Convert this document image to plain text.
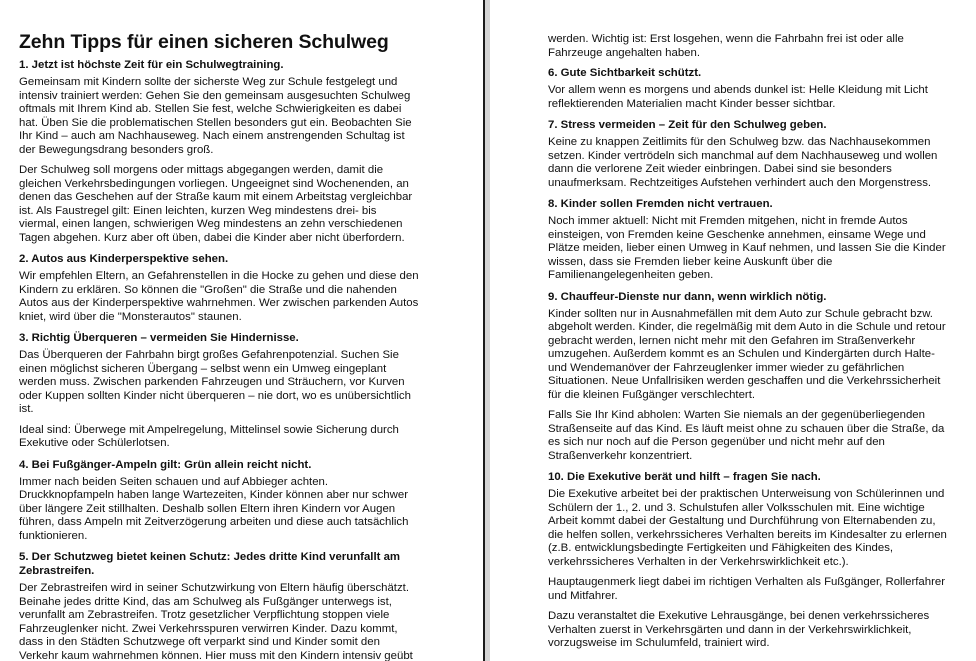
Zehn Tipps für einen sicheren Schulweg
1. Jetzt ist höchste Zeit für ein Schulwegtraining.

Gemeinsam mit Kindern sollte der sicherste Weg zur Schule festgelegt und intensiv trainiert werden: Gehen Sie den gemeinsam ausgesuchten Schulweg oftmals mit Ihrem Kind ab. Stellen Sie fest, welche Schwierigkeiten es dabei hat. Üben Sie die problematischen Stellen besonders gut ein. Beobachten Sie Ihr Kind – auch am Nachhauseweg. Nach einem anstrengenden Schultag ist der Bewegungsdrang besonders groß.

Der Schulweg soll morgens oder mittags abgegangen werden, damit die gleichen Verkehrsbedingungen vorliegen. Ungeeignet sind Wochenenden, an denen das Geschehen auf der Straße kaum mit einem Arbeitstag vergleichbar ist. Als Faustregel gilt: Einen leichten, kurzen Weg mindestens drei- bis viermal, einen langen, schwierigen Weg mindestens an zehn verschiedenen Tagen abgehen. Kurz aber oft üben, dabei die Kinder aber nicht überfordern.

2. Autos aus Kinderperspektive sehen.

Wir empfehlen Eltern, an Gefahrenstellen in die Hocke zu gehen und diese den Kindern zu erklären. So können die "Großen" die Straße und die nahenden Autos aus der Kinderperspektive wahrnehmen. Wer zwischen parkenden Autos kniet, wird über die "Monsterautos" staunen.

3. Richtig Überqueren – vermeiden Sie Hindernisse.

Das Überqueren der Fahrbahn birgt großes Gefahrenpotenzial. Suchen Sie einen möglichst sicheren Übergang – selbst wenn ein Umweg eingeplant werden muss. Zwischen parkenden Fahrzeugen und Sträuchern, vor Kurven oder Kuppen sollten Kinder nicht überqueren – nie dort, wo es unübersichtlich ist.

Ideal sind: Überwege mit Ampelregelung, Mittelinsel sowie Sicherung durch Exekutive oder Schülerlotsen.

4. Bei Fußgänger-Ampeln gilt: Grün allein reicht nicht.

Immer nach beiden Seiten schauen und auf Abbieger achten. Druckknopfampeln haben lange Wartezeiten, Kinder können aber nur schwer über längere Zeit stillhalten. Deshalb sollen Eltern ihren Kindern vor Augen führen, dass Ampeln mit Zeitverzögerung arbeiten und diese auch tatsächlich funktionieren.

5. Der Schutzweg bietet keinen Schutz: Jedes dritte Kind verunfallt am Zebrastreifen.

Der Zebrastreifen wird in seiner Schutzwirkung von Eltern häufig überschätzt. Beinahe jedes dritte Kind, das am Schulweg als Fußgänger unterwegs ist, verunfallt am Zebrastreifen. Trotz gesetzlicher Verpflichtung stoppen viele Fahrzeuglenker nicht. Zwei Verkehrsspuren verwirren Kinder. Dazu kommt, dass in den Städten Schutzwege oft verparkt sind und Kinder somit den Verkehr kaum wahrnehmen können. Hier muss mit den Kindern intensiv geübt

werden. Wichtig ist: Erst losgehen, wenn die Fahrbahn frei ist oder alle Fahrzeuge angehalten haben.

6. Gute Sichtbarkeit schützt.

Vor allem wenn es morgens und abends dunkel ist: Helle Kleidung mit Licht reflektierenden Materialien macht Kinder besser sichtbar.

7. Stress vermeiden – Zeit für den Schulweg geben.

Keine zu knappen Zeitlimits für den Schulweg bzw. das Nachhausekommen setzen. Kinder vertrödeln sich manchmal auf dem Nachhauseweg und wollen dann die verlorene Zeit wieder einbringen. Dabei sind sie besonders unaufmerksam. Rechtzeitiges Aufstehen verhindert auch den Morgenstress.

8. Kinder sollen Fremden nicht vertrauen.

Noch immer aktuell: Nicht mit Fremden mitgehen, nicht in fremde Autos einsteigen, von Fremden keine Geschenke annehmen, einsame Wege und Plätze meiden, lieber einen Umweg in Kauf nehmen, und lassen Sie die Kinder wissen, dass sie Fremden lieber keine Auskunft über die Familienangelegenheiten geben.

9. Chauffeur-Dienste nur dann, wenn wirklich nötig.

Kinder sollten nur in Ausnahmefällen mit dem Auto zur Schule gebracht bzw. abgeholt werden. Kinder, die regelmäßig mit dem Auto in die Schule und retour gebracht werden, lernen nicht mehr mit den Gefahren im Straßenverkehr umzugehen. Außerdem kommt es an Schulen und Kindergärten durch Halte- und Wendemanöver der Fahrzeuglenker immer wieder zu gefährlichen Situationen. Neue Unfallrisiken werden geschaffen und die Verkehrssicherheit für die kleinen Fußgänger verschlechtert.

Falls Sie Ihr Kind abholen: Warten Sie niemals an der gegenüberliegenden Straßenseite auf das Kind. Es läuft meist ohne zu schauen über die Straße, da es sich nur noch auf die Person gegenüber und nicht mehr auf den Straßenverkehr konzentriert.

10. Die Exekutive berät und hilft – fragen Sie nach.

Die Exekutive arbeitet bei der praktischen Unterweisung von Schülerinnen und Schülern der 1., 2. und 3. Schulstufen aller Volksschulen mit. Eine wichtige Arbeit kommt dabei der Gestaltung und Durchführung von Elternabenden zu, die helfen sollen, verkehrssicheres Verhalten bereits im Kindesalter zu erlernen (z.B. entwicklungsbedingte Fertigkeiten und Fähigkeiten des Kindes, verkehrssicheres Verhalten in der Verkehrswirklichkeit etc.).

Hauptaugenmerk liegt dabei im richtigen Verhalten als Fußgänger, Rollerfahrer und Mitfahrer.

Dazu veranstaltet die Exekutive Lehrausgänge, bei denen verkehrssicheres Verhalten zuerst in Verkehrsgärten und dann in der Verkehrswirklichkeit, vorzugsweise im Schulumfeld, trainiert wird.
